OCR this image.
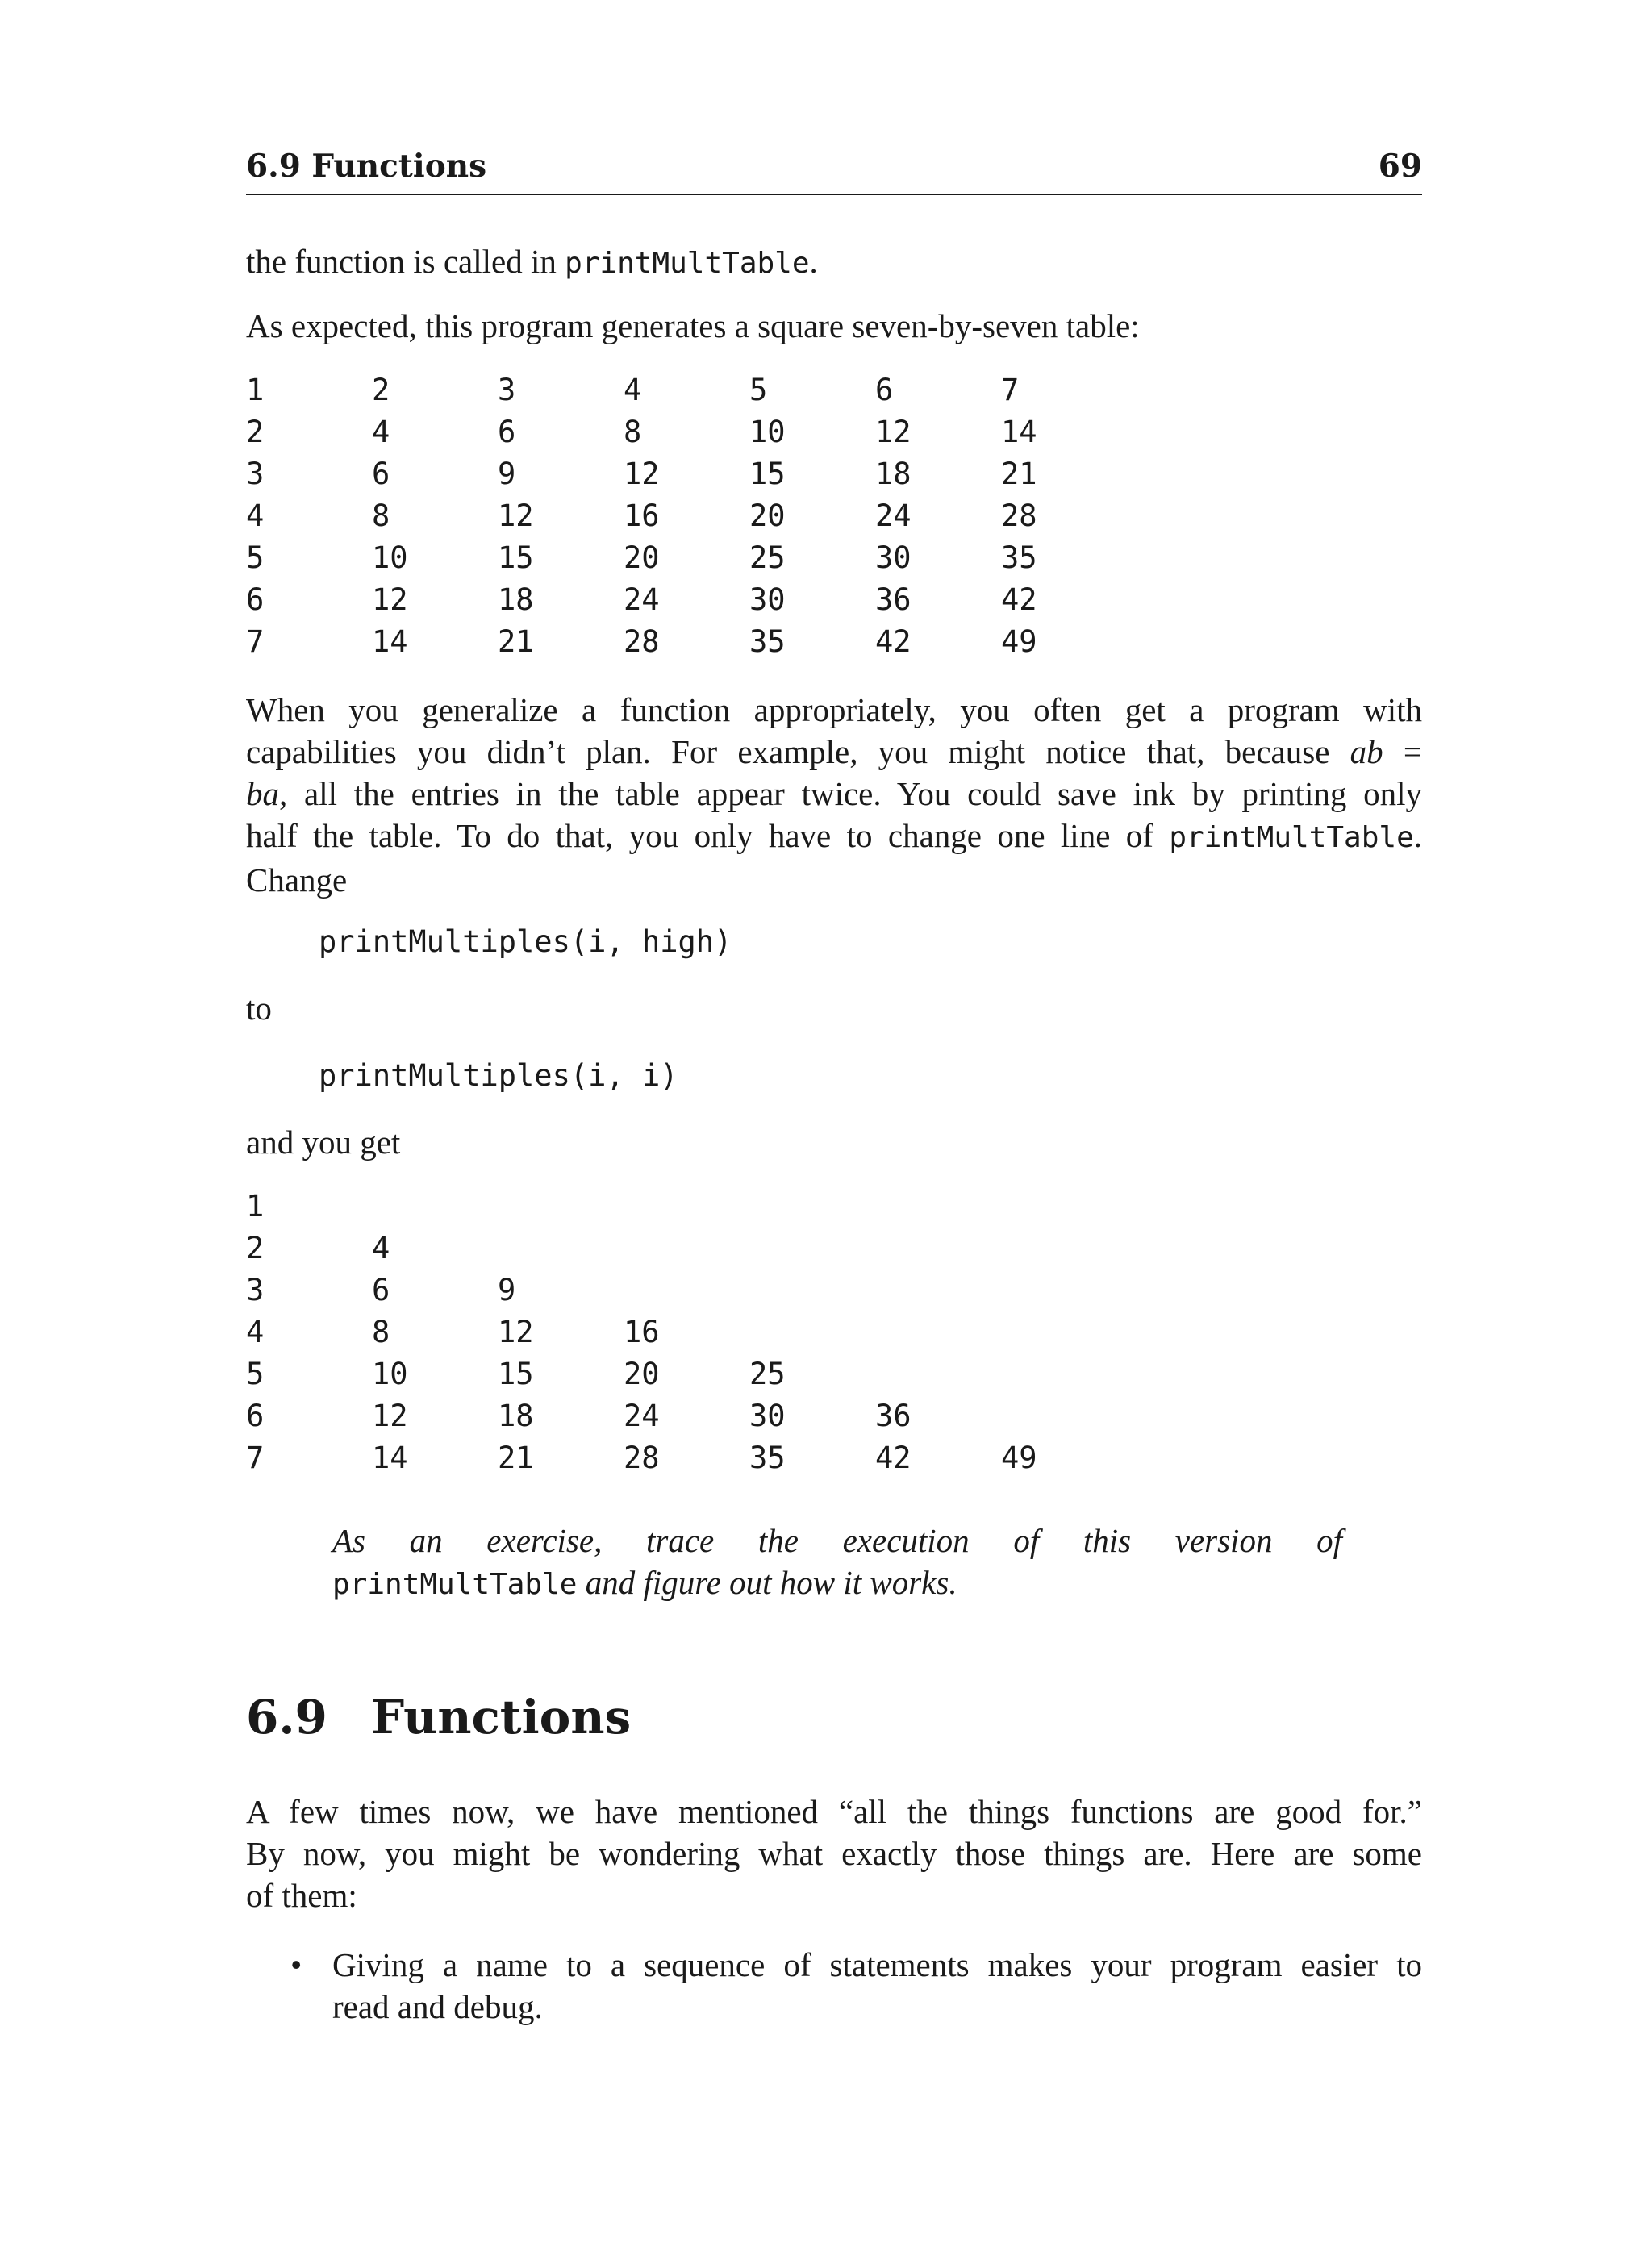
6.9 Functions	69

the function is called in printMultTable.

As expected, this program generates a square seven-by-seven table:

1	2	3	4	5	6	7
2	4	6	8	10	12	14
3	6	9	12	15	18	21
4	8	12	16	20	24	28
5	10	15	20	25	30	35
6	12	18	24	30	36	42
7	14	21	28	35	42	49
When you generalize a function appropriately, you often get a program with
capabilities you didn’t plan. For example, you might notice that, because ab =
ba, all the entries in the table appear twice. You could save ink by printing only
half the table. To do that, you only have to change one line of printMultTable.
Change
printMultiples(i, high)

to

printMultiples(i, i)

and you get

1
2	4
3	6	9
4	8	12	16
5	10	15	20	25
6	12	18	24	30	36
7	14	21	28	35	42	49
As an exercise, trace the execution of this version of
printMultTable and figure out how it works.
6.9 Functions
A few times now, we have mentioned “all the things functions are good for.”
By now, you might be wondering what exactly those things are. Here are some
of them:
• Giving a name to a sequence of statements makes your program easier to
read and debug.
